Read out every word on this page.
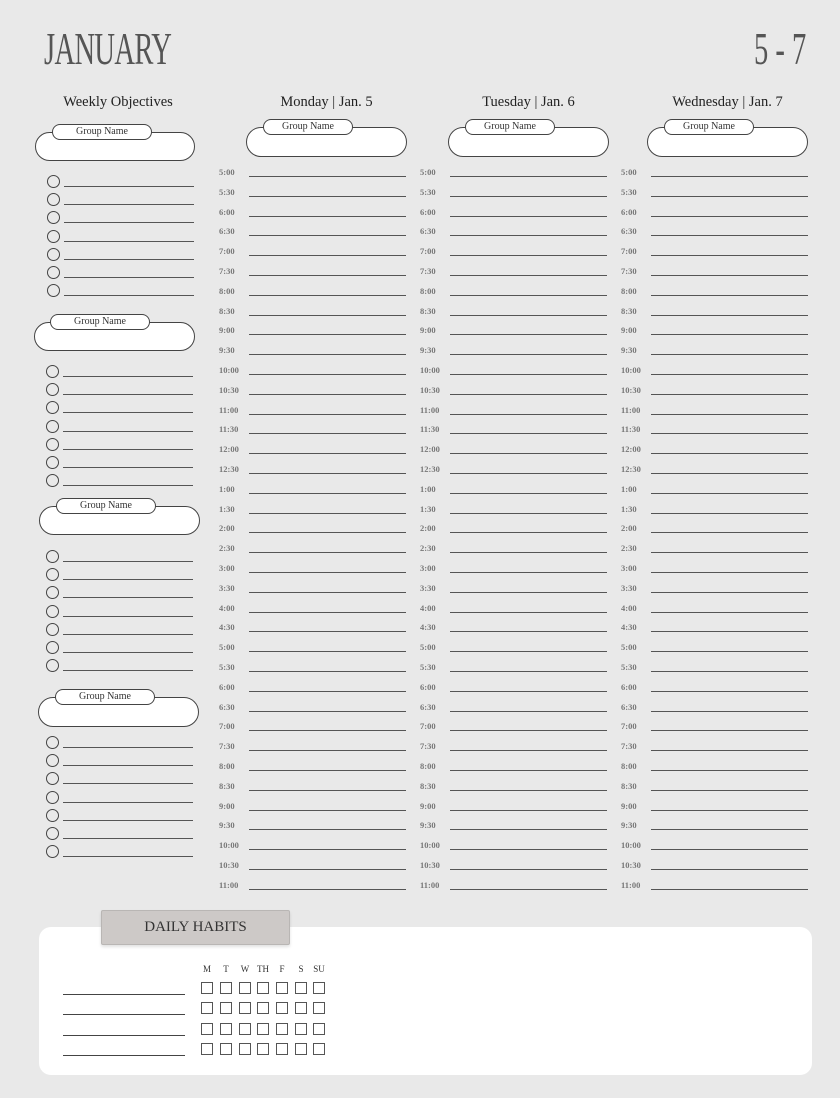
JANUARY	5 - 7
Weekly Objectives	Monday | Jan. 5	Tuesday | Jan. 6	Wednesday | Jan. 7
Group Name
Group Name
Group Name
Group Name
Group Name
5:00
5:30
6:00
6:30
7:00
7:30
8:00
8:30
9:00
9:30
10:00
10:30
11:00
11:30
12:00
12:30
1:00
1:30
2:00
2:30
3:00
3:30
4:00
4:30
5:00
5:30
6:00
6:30
7:00
7:30
8:00
8:30
9:00
9:30
10:00
10:30
11:00
Group Name
5:00
5:30
6:00
6:30
7:00
7:30
8:00
8:30
9:00
9:30
10:00
10:30
11:00
11:30
12:00
12:30
1:00
1:30
2:00
2:30
3:00
3:30
4:00
4:30
5:00
5:30
6:00
6:30
7:00
7:30
8:00
8:30
9:00
9:30
10:00
10:30
11:00
Group Name
5:00
5:30
6:00
6:30
7:00
7:30
8:00
8:30
9:00
9:30
10:00
10:30
11:00
11:30
12:00
12:30
1:00
1:30
2:00
2:30
3:00
3:30
4:00
4:30
5:00
5:30
6:00
6:30
7:00
7:30
8:00
8:30
9:00
9:30
10:00
10:30
11:00
DAILY HABITS
M	T	W TH	F	S	SU
